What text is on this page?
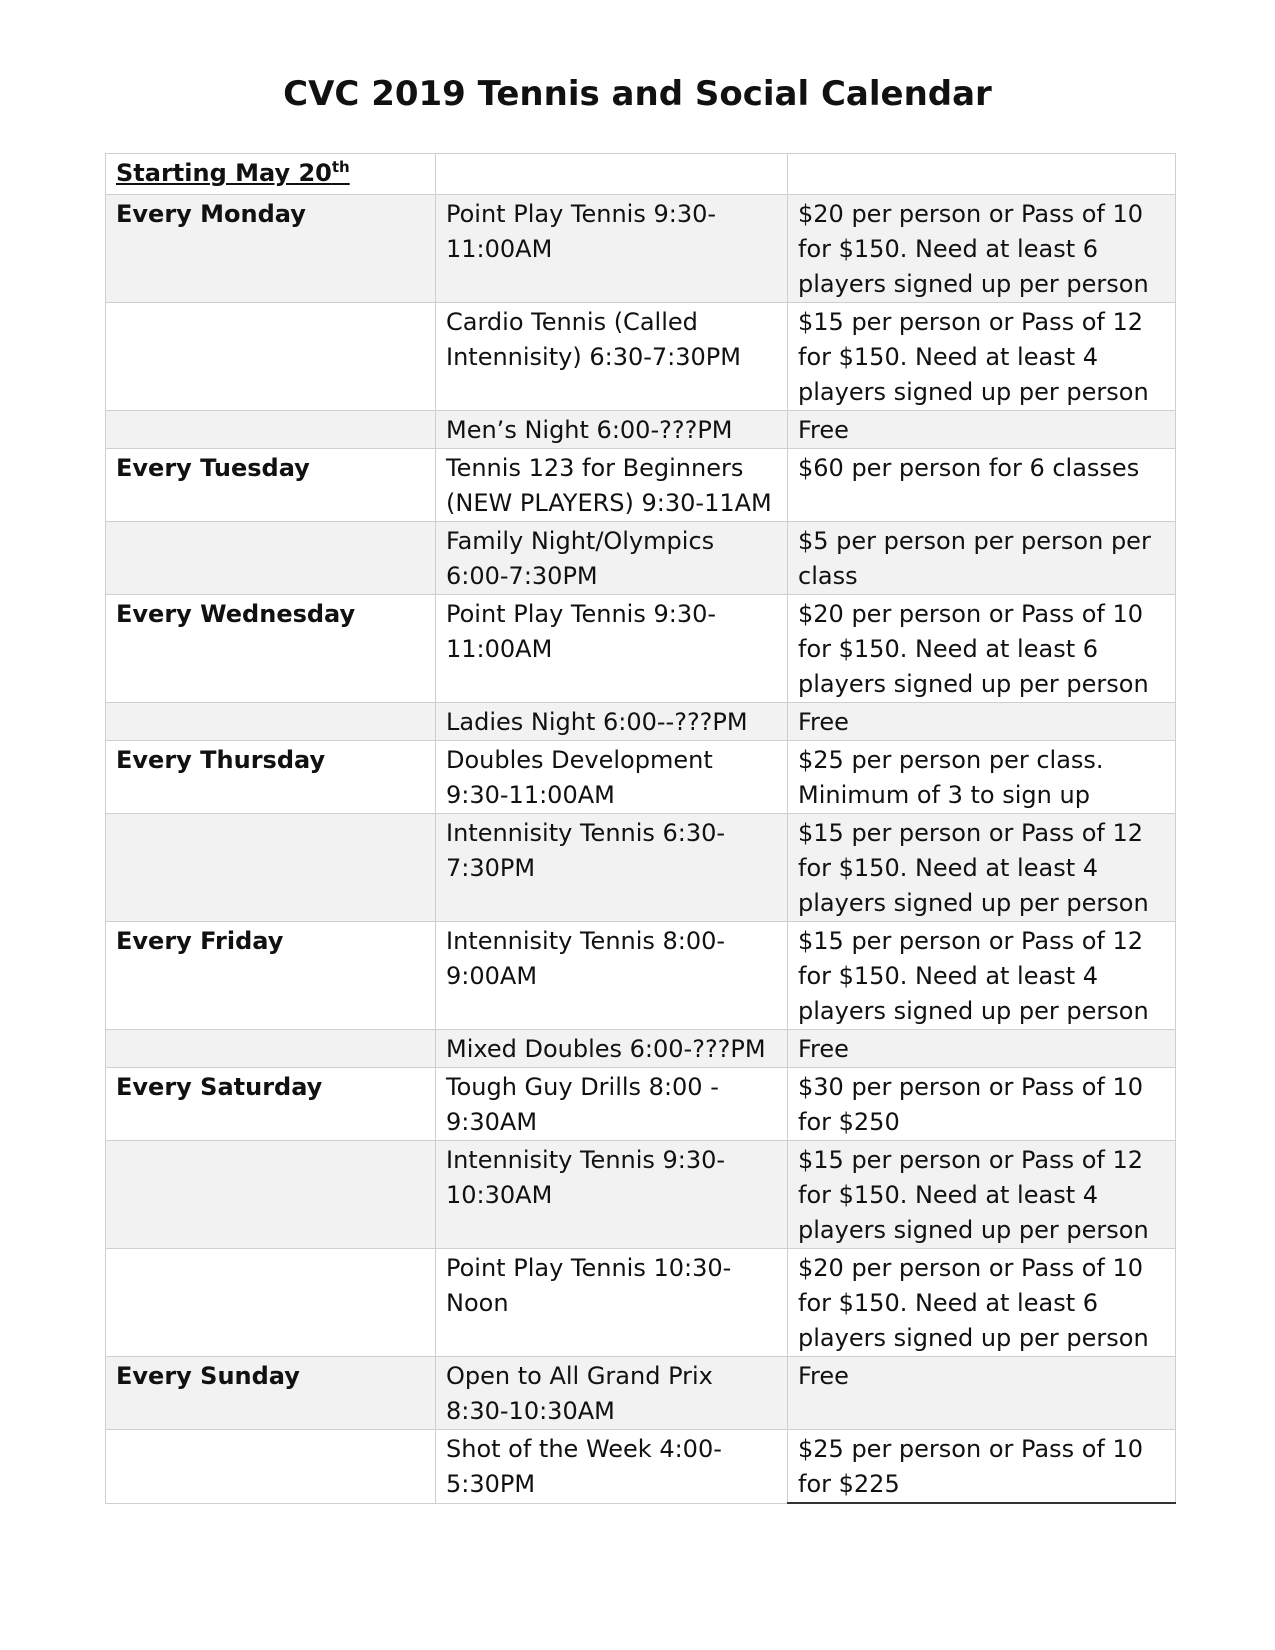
CVC 2019 Tennis and Social Calendar
Starting May 20th		
Every Monday	Point Play Tennis 9:30-11:00AM	$20 per person or Pass of 10 for $150. Need at least 6 players signed up per person
	Cardio Tennis (Called Intennisity) 6:30-7:30PM	$15 per person or Pass of 12 for $150. Need at least 4 players signed up per person
	Men’s Night 6:00-???PM	Free
Every Tuesday	Tennis 123 for Beginners (NEW PLAYERS) 9:30-11AM	$60 per person for 6 classes
	Family Night/Olympics 6:00-7:30PM	$5 per person per person per class
Every Wednesday	Point Play Tennis 9:30-11:00AM	$20 per person or Pass of 10 for $150. Need at least 6 players signed up per person
	Ladies Night 6:00--???PM	Free
Every Thursday	Doubles Development 9:30-11:00AM	$25 per person per class. Minimum of 3 to sign up
	Intennisity Tennis 6:30-7:30PM	$15 per person or Pass of 12 for $150. Need at least 4 players signed up per person
Every Friday	Intennisity Tennis 8:00-9:00AM	$15 per person or Pass of 12 for $150. Need at least 4 players signed up per person
	Mixed Doubles 6:00-???PM	Free
Every Saturday	Tough Guy Drills 8:00 - 9:30AM	$30 per person or Pass of 10 for $250
	Intennisity Tennis 9:30-10:30AM	$15 per person or Pass of 12 for $150. Need at least 4 players signed up per person
	Point Play Tennis 10:30-Noon	$20 per person or Pass of 10 for $150. Need at least 6 players signed up per person
Every Sunday	Open to All Grand Prix 8:30-10:30AM	Free
	Shot of the Week 4:00-5:30PM	$25 per person or Pass of 10 for $225
